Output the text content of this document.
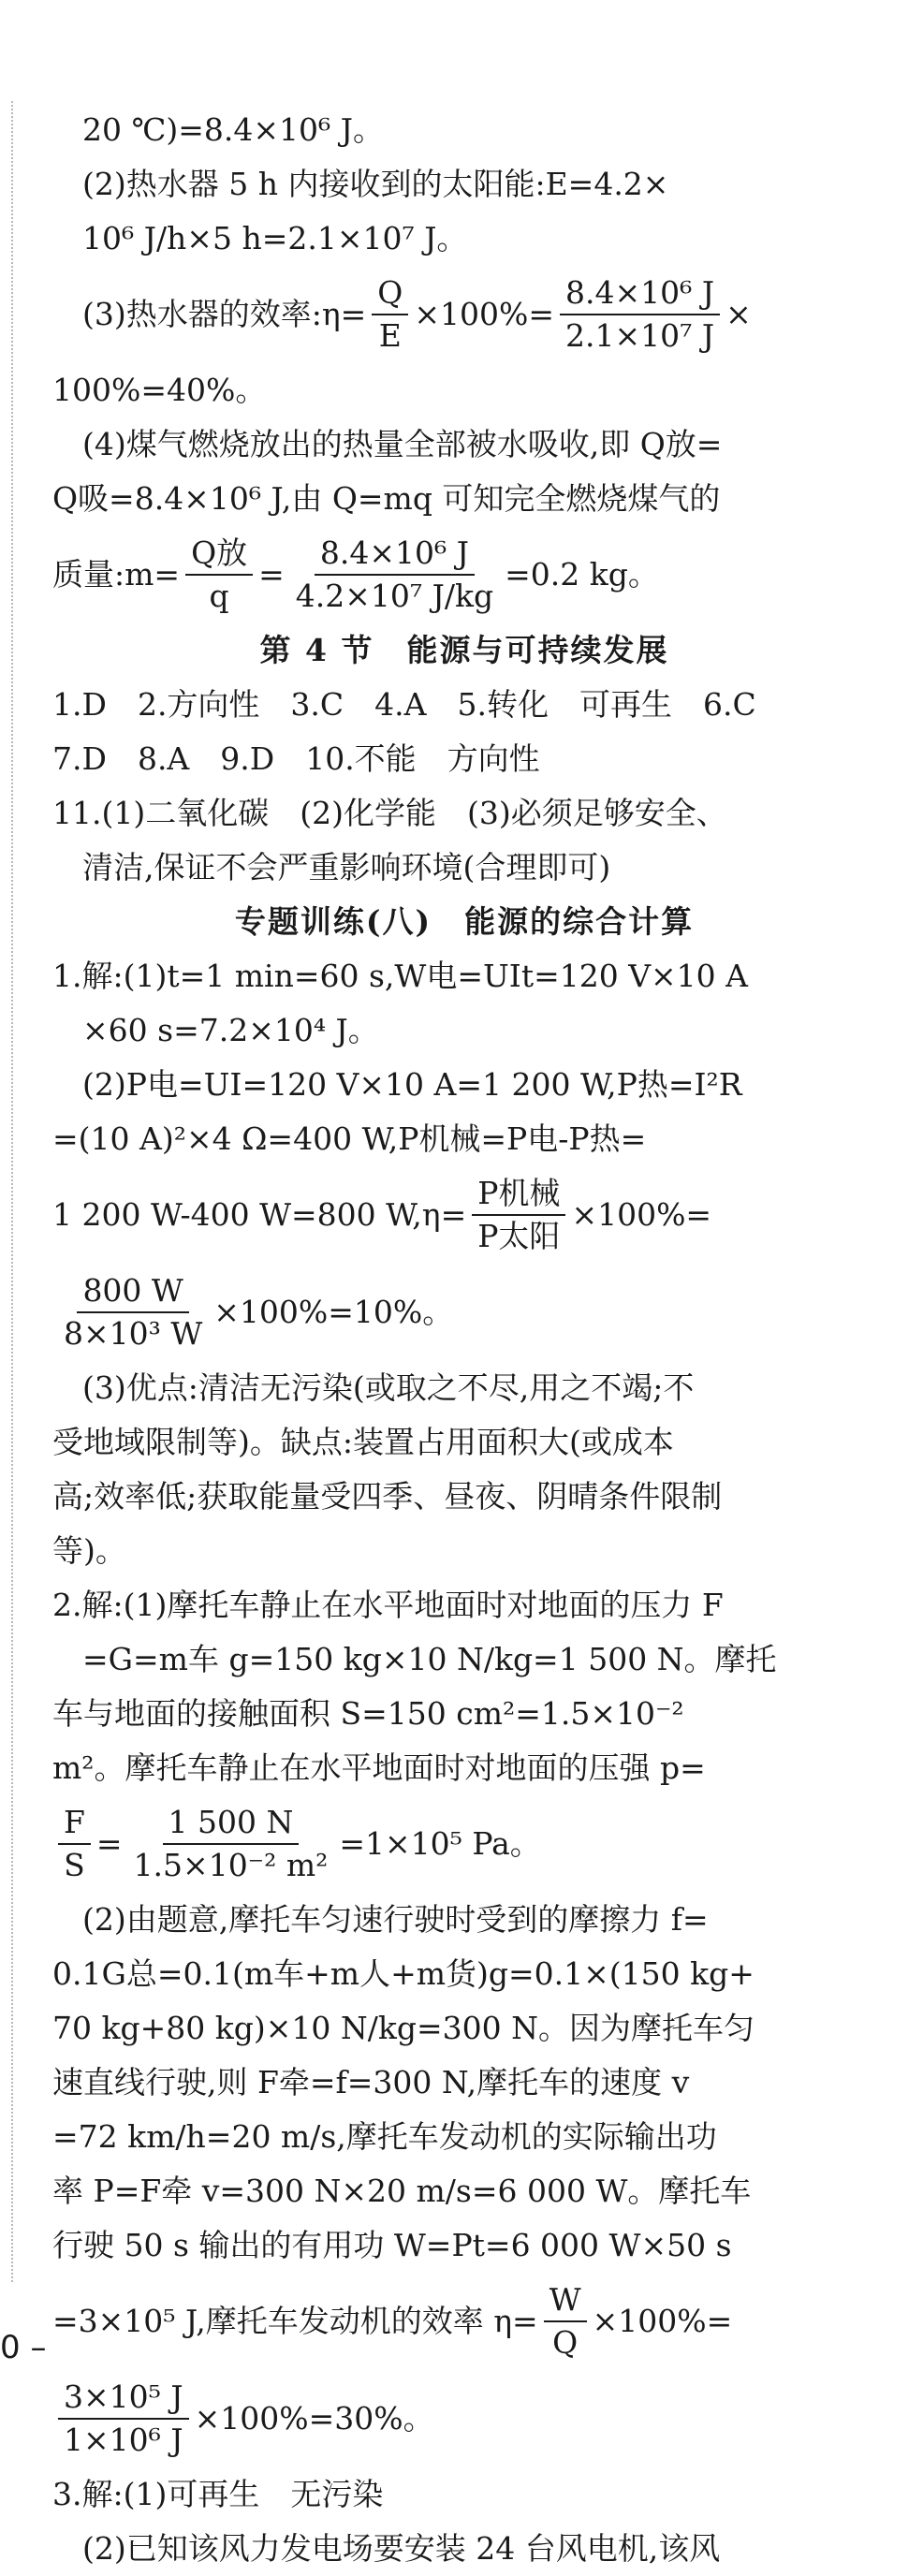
20 ℃)=8.4×10⁶ J。
(2)热水器 5 h 内接收到的太阳能:E=4.2×
10⁶ J/h×5 h=2.1×10⁷ J。
(3)热水器的效率:η= $\frac{Q}{E} \times 100\%= \frac{\text{8.4×10⁶ J}}{\text{2.1×10⁷ J}}$ ×
100%=40%。
(4)煤气燃烧放出的热量全部被水吸收,即 Q放=
Q吸=8.4×10⁶ J,由 Q=mq 可知完全燃烧煤气的
质量:m= $\frac{\text{Q放}}{q} = \frac{\text{8.4×10⁶ J}}{\text{4.2×10⁷ J/kg}} =0.2$ kg。
第 4 节　能源与可持续发展
1.D　2.方向性　3.C　4.A　5.转化　可再生　6.C
7.D　8.A　9.D　10.不能　方向性
11.(1)二氧化碳　(2)化学能　(3)必须足够安全、
清洁,保证不会严重影响环境(合理即可)
专题训练(八)　能源的综合计算
1.解:(1)t=1 min=60 s,W电=UIt=120 V×10 A
×60 s=7.2×10⁴ J。
(2)P电=UI=120 V×10 A=1 200 W,P热=I²R
=(10 A)²×4 Ω=400 W,P机械=P电-P热=
1 200 W-400 W=800 $W,\eta= \frac{\text{P机械}}{\text{P太阳}} \times 100\%=$
$\frac{800 W}{\text{8×10³ W}} \times 100\%=10\%$。
(3)优点:清洁无污染(或取之不尽,用之不竭;不
受地域限制等)。缺点:装置占用面积大(或成本
高;效率低;获取能量受四季、昼夜、阴晴条件限制
等)。
2.解:(1)摩托车静止在水平地面时对地面的压力 F
=G=m车 g=150 kg×10 N/kg=1 500 N。摩托
车与地面的接触面积 S=150 cm²=1.5×10⁻²
m²。摩托车静止在水平地面时对地面的压强 p=
$\frac{F}{S} = \frac{1 500 N}{\text{1.5×10⁻² m²}} =1\times 10^5$ Pa。
(2)由题意,摩托车匀速行驶时受到的摩擦力 f=
0.1G总=0.1(m车+m人+m货)g=0.1×(150 kg+
70 kg+80 kg)×10 N/kg=300 N。因为摩托车匀
速直线行驶,则 F牵=f=300 N,摩托车的速度 v
=72 km/h=20 m/s,摩托车发动机的实际输出功
率 P=F牵 v=300 N×20 m/s=6 000 W。摩托车
行驶 50 s 输出的有用功 W=Pt=6 000 W×50 s
=3×10⁵ J,摩托车发动机的效率 $\eta= \frac{W}{Q} \times 100\%=$
$\frac{\text{3×10⁵ J}}{\text{1×10⁶ J}} \times 100\%=30\%$。
3.解:(1)可再生　无污染
(2)已知该风力发电场要安装 24 台风电机,该风
0 –
